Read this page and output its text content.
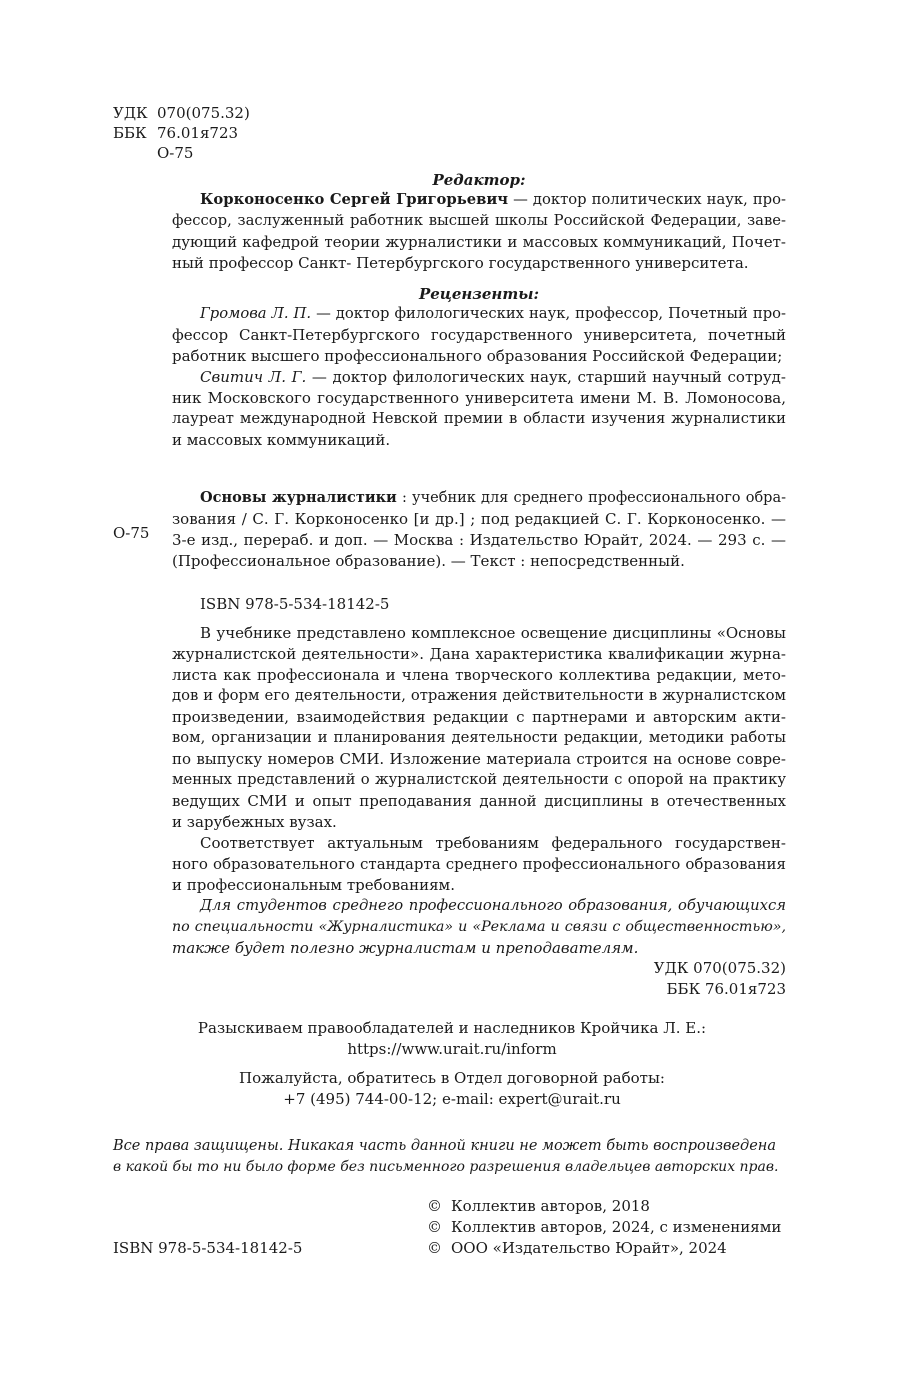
УДК 070(075.32)
ББК 76.01я723
О-75
Редактор:
Корконосенко Сергей Григорьевич — доктор политических наук, про-
фессор, заслуженный работник высшей школы Российской Федерации, заве-
дующий кафедрой теории журналистики и массовых коммуникаций, Почет-
ный профессор Санкт- Петербургского государственного университета.
Рецензенты:
Громова Л. П. — доктор филологических наук, профессор, Почетный про-
фессор Санкт-Петербургского государственного университета, почетный
работник высшего профессионального образования Российской Федерации;
Свитич Л. Г. — доктор филологических наук, старший научный сотруд-
ник Московского государственного университета имени М. В. Ломоносова,
лауреат международной Невской премии в области изучения журналистики
и массовых коммуникаций.
О-75
Основы журналистики : учебник для среднего профессионального обра-
зования / С. Г. Корконосенко [и др.] ; под редакцией С. Г. Корконосенко. —
3-е изд., перераб. и доп. — Москва : Издательство Юрайт, 2024. — 293 с. —
(Профессиональное образование). — Текст : непосредственный.
ISBN 978-5-534-18142-5
В учебнике представлено комплексное освещение дисциплины «Основы
журналистской деятельности». Дана характеристика квалификации журна-
листа как профессионала и члена творческого коллектива редакции, мето-
дов и форм его деятельности, отражения действительности в журналистском
произведении, взаимодействия редакции с партнерами и авторским акти-
вом, организации и планирования деятельности редакции, методики работы
по выпуску номеров СМИ. Изложение материала строится на основе совре-
менных представлений о журналистской деятельности с опорой на практику
ведущих СМИ и опыт преподавания данной дисциплины в отечественных
и зарубежных вузах.
Соответствует актуальным требованиям федерального государствен-
ного образовательного стандарта среднего профессионального образования
и профессиональным требованиям.
Для студентов среднего профессионального образования, обучающихся
по специальности «Журналистика» и «Реклама и связи с общественностью»,
также будет полезно журналистам и преподавателям.
УДК 070(075.32)
ББК 76.01я723
Разыскиваем правообладателей и наследников Кройчика Л. Е.:
https://www.urait.ru/inform
Пожалуйста, обратитесь в Отдел договорной работы:
+7 (495) 744-00-12; e-mail: expert@urait.ru
Все права защищены. Никакая часть данной книги не может быть воспроизведена
в какой бы то ни было форме без письменного разрешения владельцев авторских прав.
© Коллектив авторов, 2018
© Коллектив авторов, 2024, с изменениями
© ООО «Издательство Юрайт», 2024
ISBN 978-5-534-18142-5
